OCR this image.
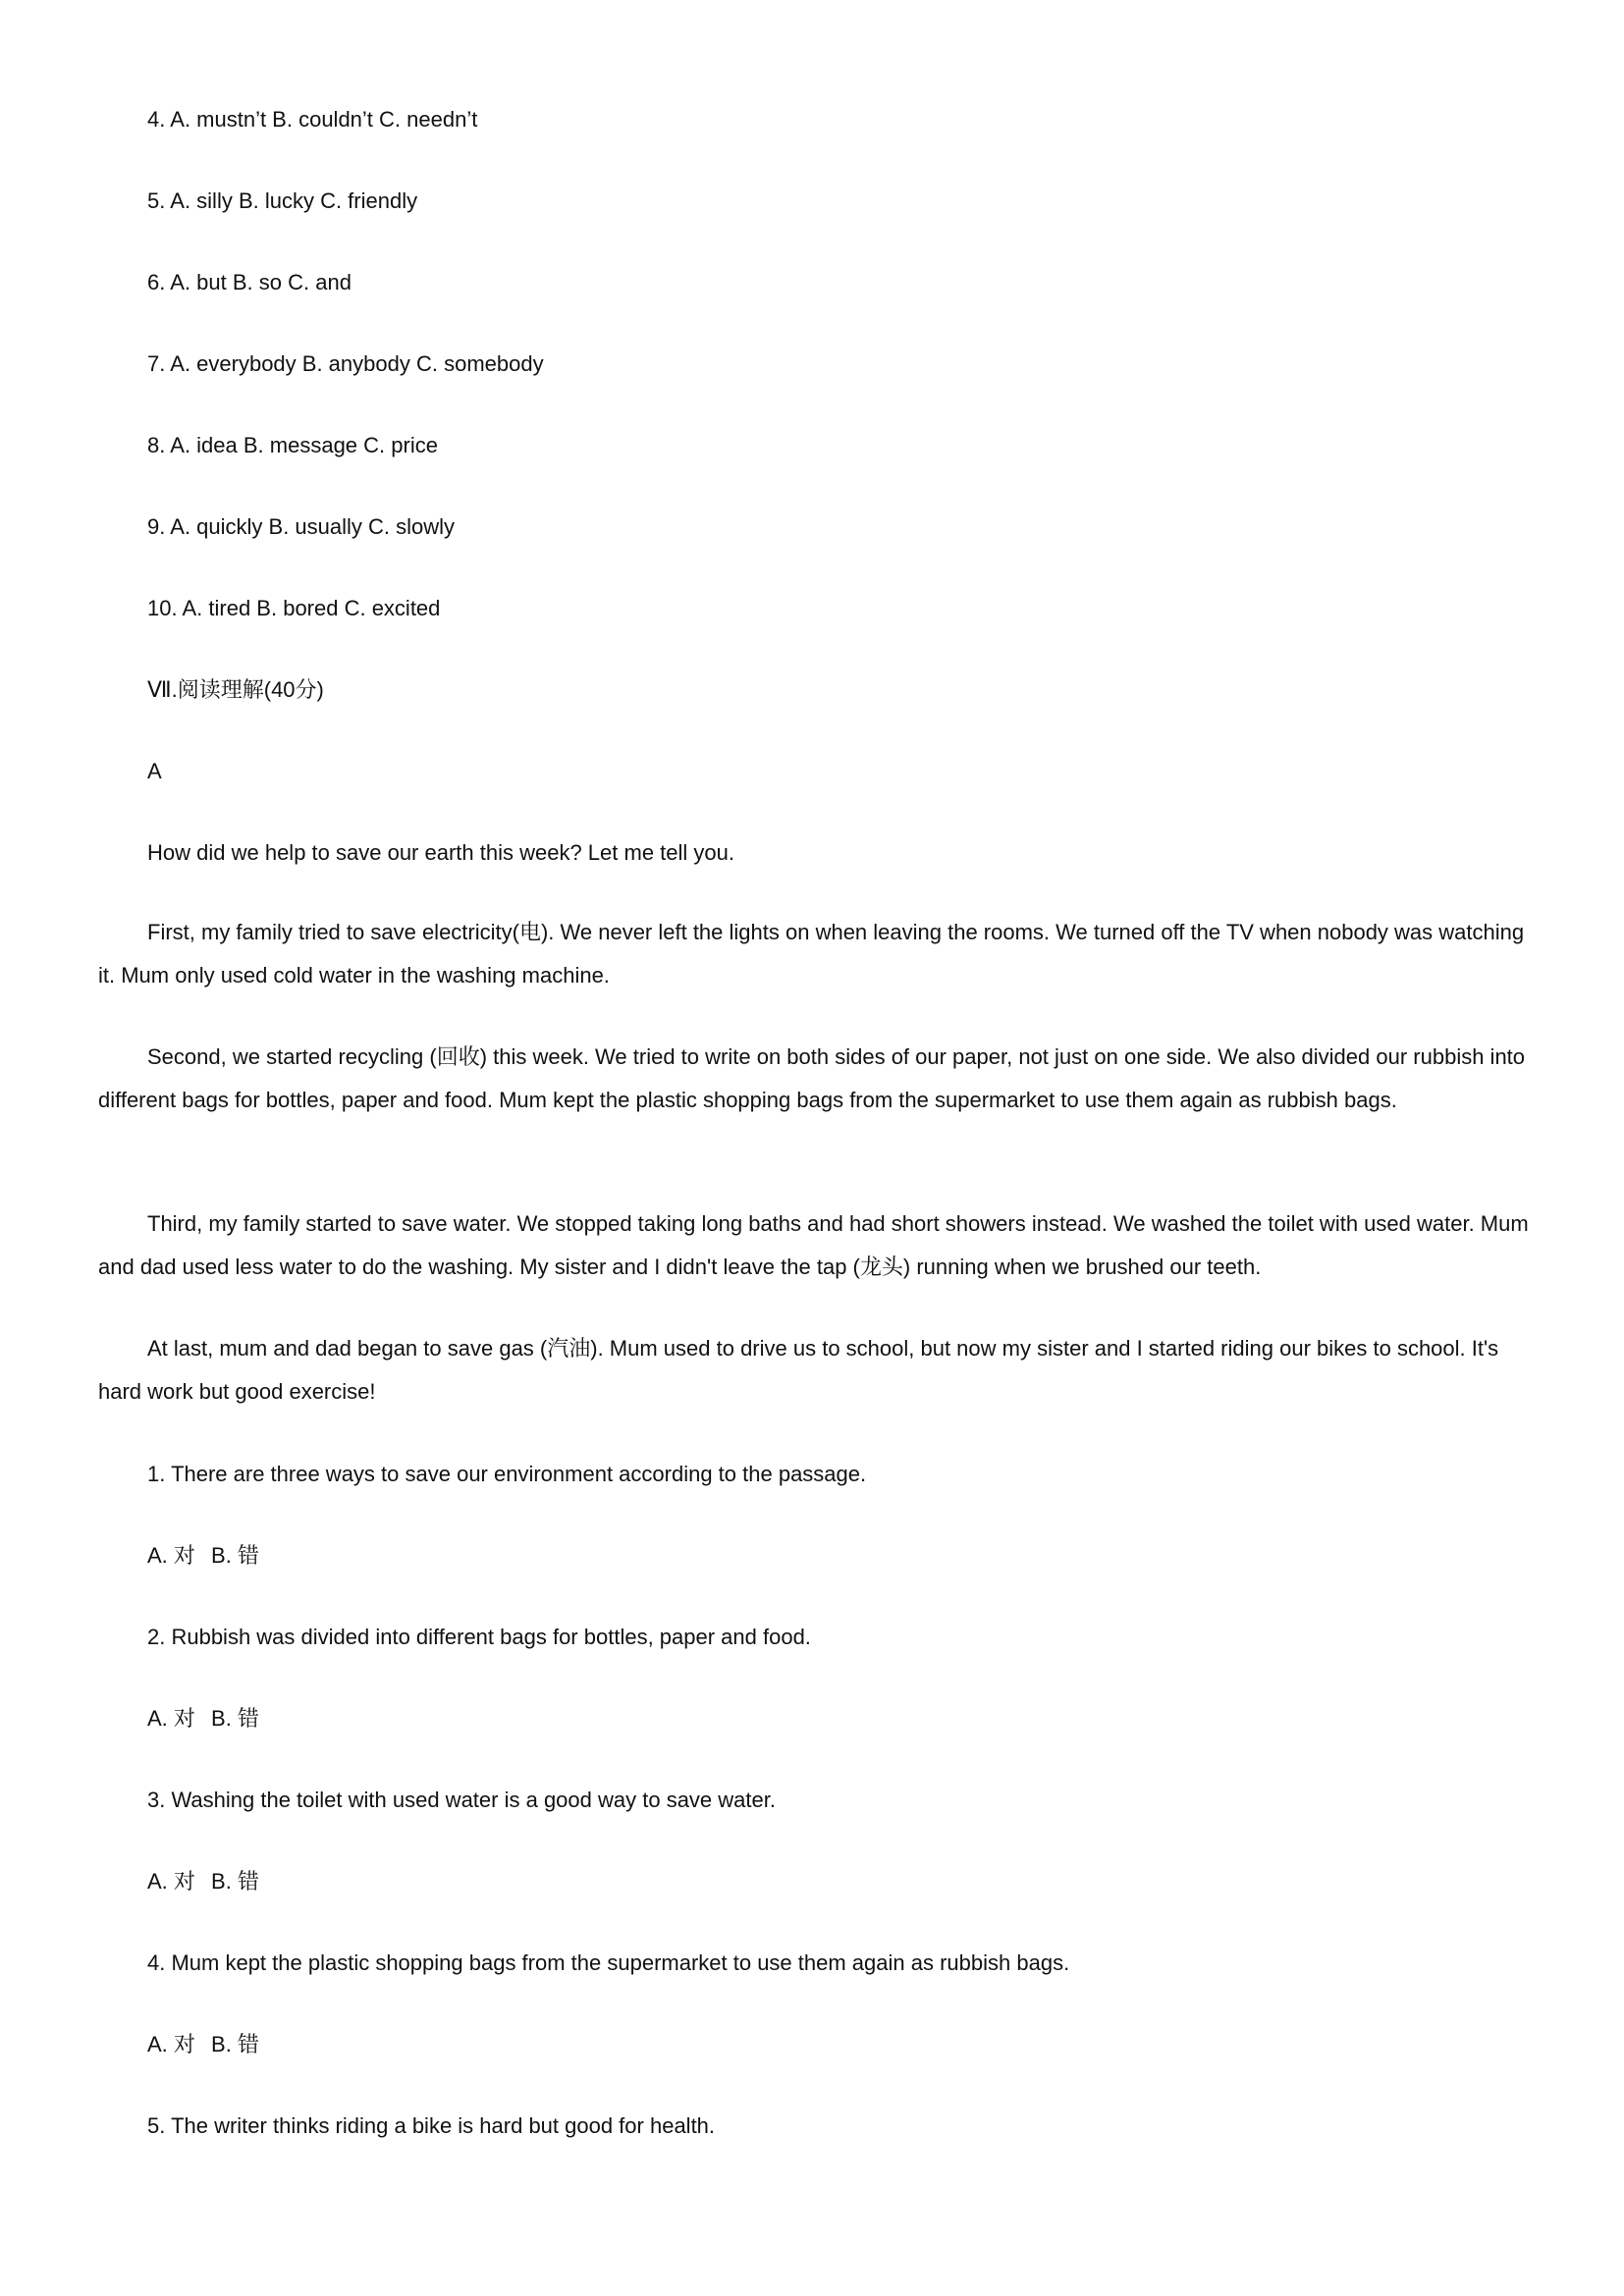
4. A. mustn’t B. couldn’t C. needn’t
5. A. silly B. lucky C. friendly
6. A. but B. so C. and
7. A. everybody B. anybody C. somebody
8. A. idea B. message C. price
9. A. quickly B. usually C. slowly
10. A. tired B. bored C. excited
Ⅶ.阅读理解(40分)
A
How did we help to save our earth this week? Let me tell you.
First, my family tried to save electricity(电). We never left the lights on when leaving the rooms. We turned off the TV when nobody was watching it. Mum only used cold water in the washing machine.
Second, we started recycling (回收) this week. We tried to write on both sides of our paper, not just on one side. We also divided our rubbish into different bags for bottles, paper and food. Mum kept the plastic shopping bags from the supermarket to use them again as rubbish bags.
Third, my family started to save water. We stopped taking long baths and had short showers instead. We washed the toilet with used water. Mum and dad used less water to do the washing. My sister and I didn't leave the tap (龙头) running when we brushed our teeth.
At last, mum and dad began to save gas (汽油). Mum used to drive us to school, but now my sister and I started riding our bikes to school. It's hard work but good exercise!
1. There are three ways to save our environment according to the passage.
A. 对 B. 错
2. Rubbish was divided into different bags for bottles, paper and food.
A. 对 B. 错
3. Washing the toilet with used water is a good way to save water.
A. 对 B. 错
4. Mum kept the plastic shopping bags from the supermarket to use them again as rubbish bags.
A. 对 B. 错
5. The writer thinks riding a bike is hard but good for health.
